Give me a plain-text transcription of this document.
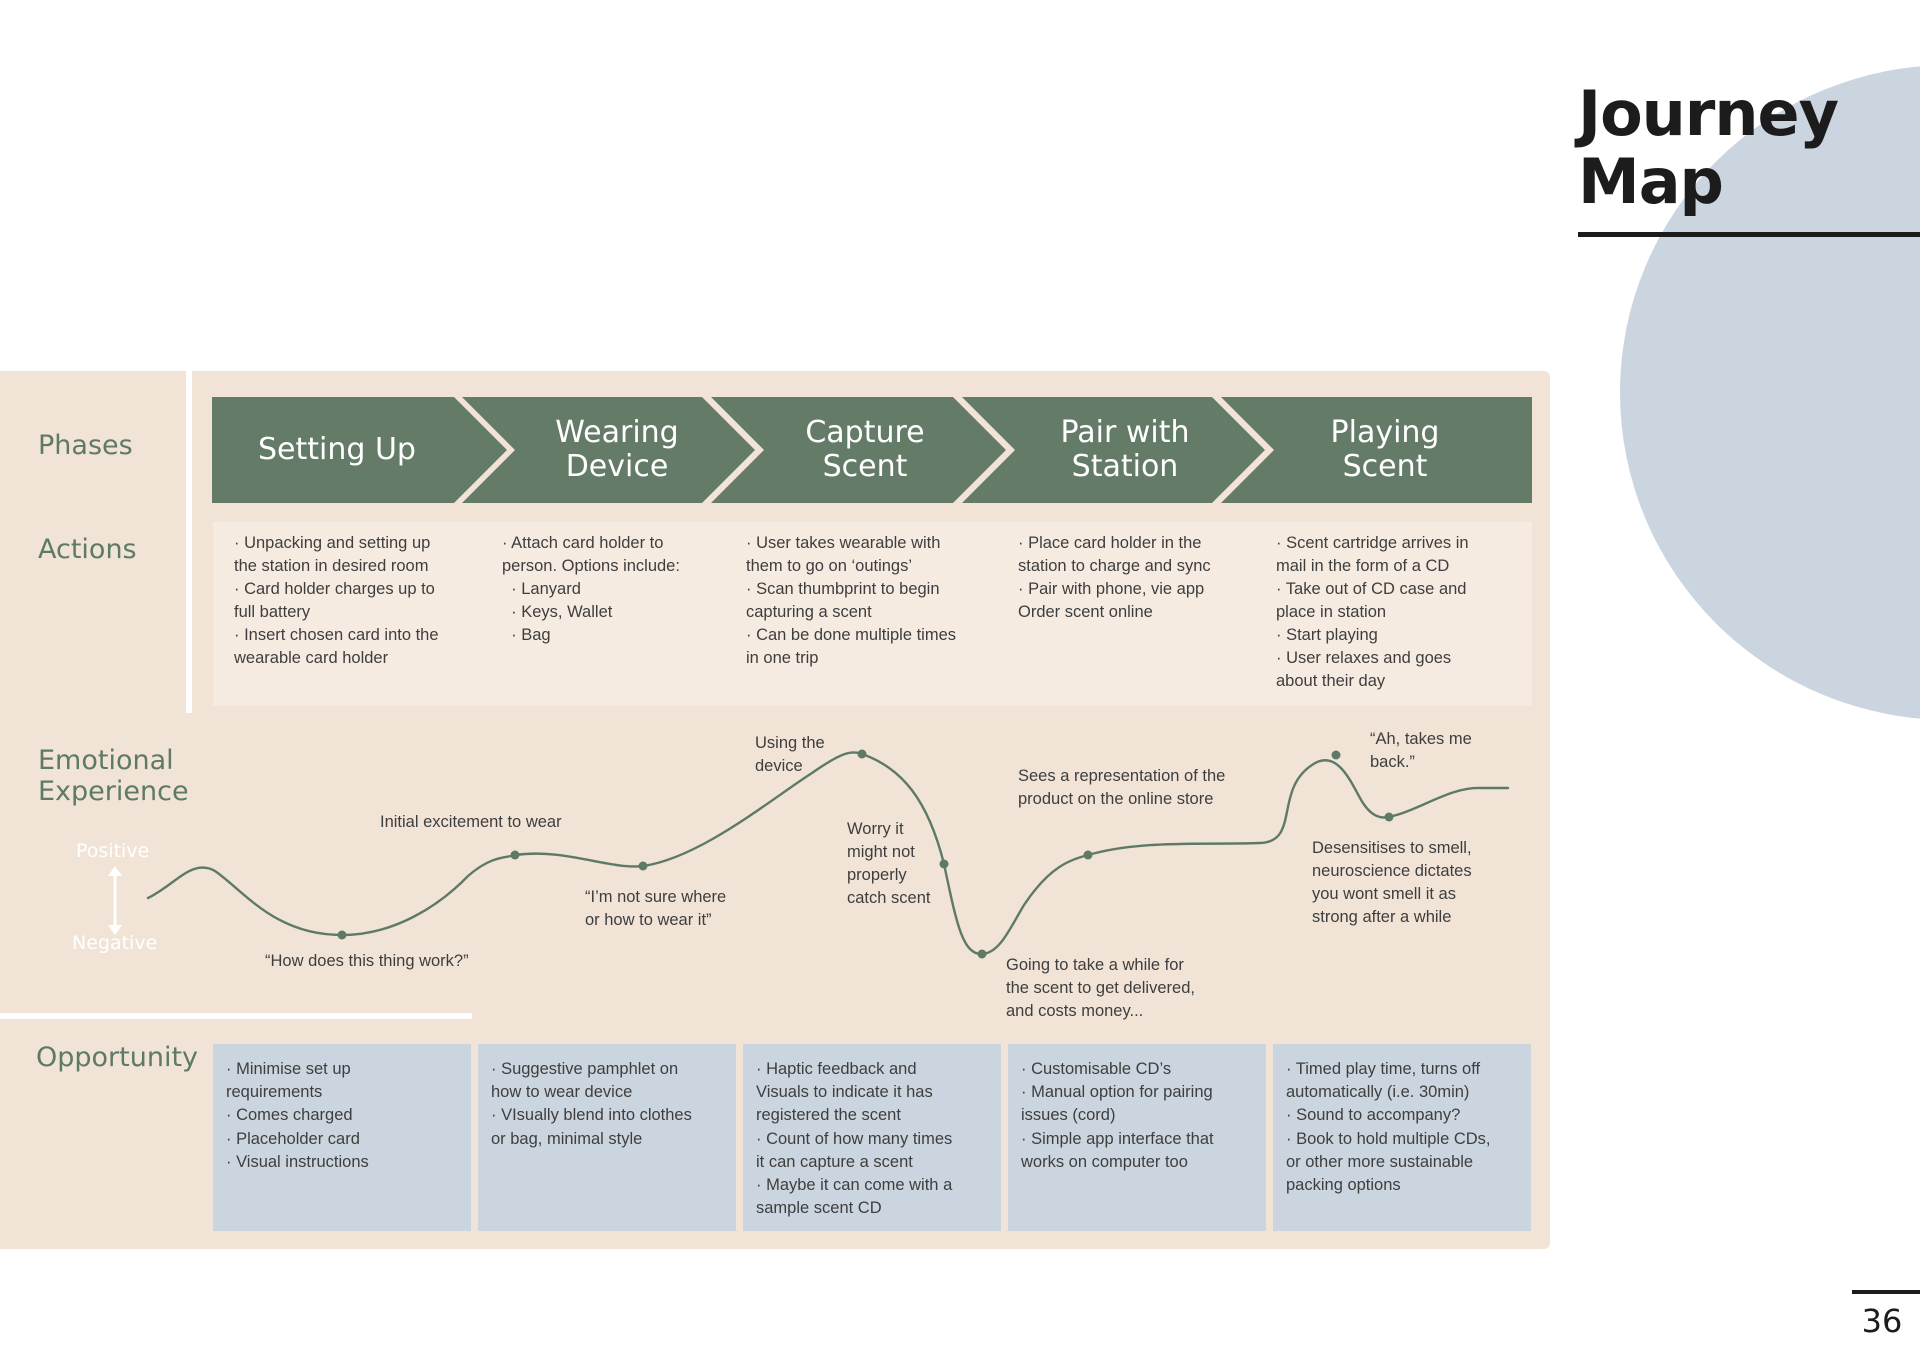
Journey
Map
Phases
Actions
Emotional
Experience
Opportunity
Setting Up	Wearing
Device
Capture
Scent
Pair with
Station
Playing
Scent
· Unpacking and setting up
the station in desired room
· Card holder charges up to
full battery
· Insert chosen card into the
wearable card holder
· Attach card holder to
person. Options include:
· Lanyard
· Keys, Wallet
· Bag
· User takes wearable with
them to go on ‘outings’
· Scan thumbprint to begin
capturing a scent
· Can be done multiple times
in one trip
· Place card holder in the
station to charge and sync
· Pair with phone, vie app
Order scent online
· Scent cartridge arrives in
mail in the form of a CD
· Take out of CD case and
place in station
· Start playing
· User relaxes and goes
about their day
Positive
Negative
“How does this thing work?”
Initial excitement to wear
“I’m not sure where
or how to wear it”
Using the
device
Worry it
might not
properly
catch scent
Going to take a while for
the scent to get delivered,
and costs money...
Sees a representation of the
product on the online store
“Ah, takes me
back.”
Desensitises to smell,
neuroscience dictates
you wont smell it as
strong after a while
· Minimise set up
requirements
· Comes charged
· Placeholder card
· Visual instructions
· Suggestive pamphlet on
how to wear device
· VIsually blend into clothes
or bag, minimal style
· Haptic feedback and
Visuals to indicate it has
registered the scent
· Count of how many times
it can capture a scent
· Maybe it can come with a
sample scent CD
· Customisable CD’s
· Manual option for pairing
issues (cord)
· Simple app interface that
works on computer too
· Timed play time, turns off
automatically (i.e. 30min)
· Sound to accompany?
· Book to hold multiple CDs,
or other more sustainable
packing options
36
